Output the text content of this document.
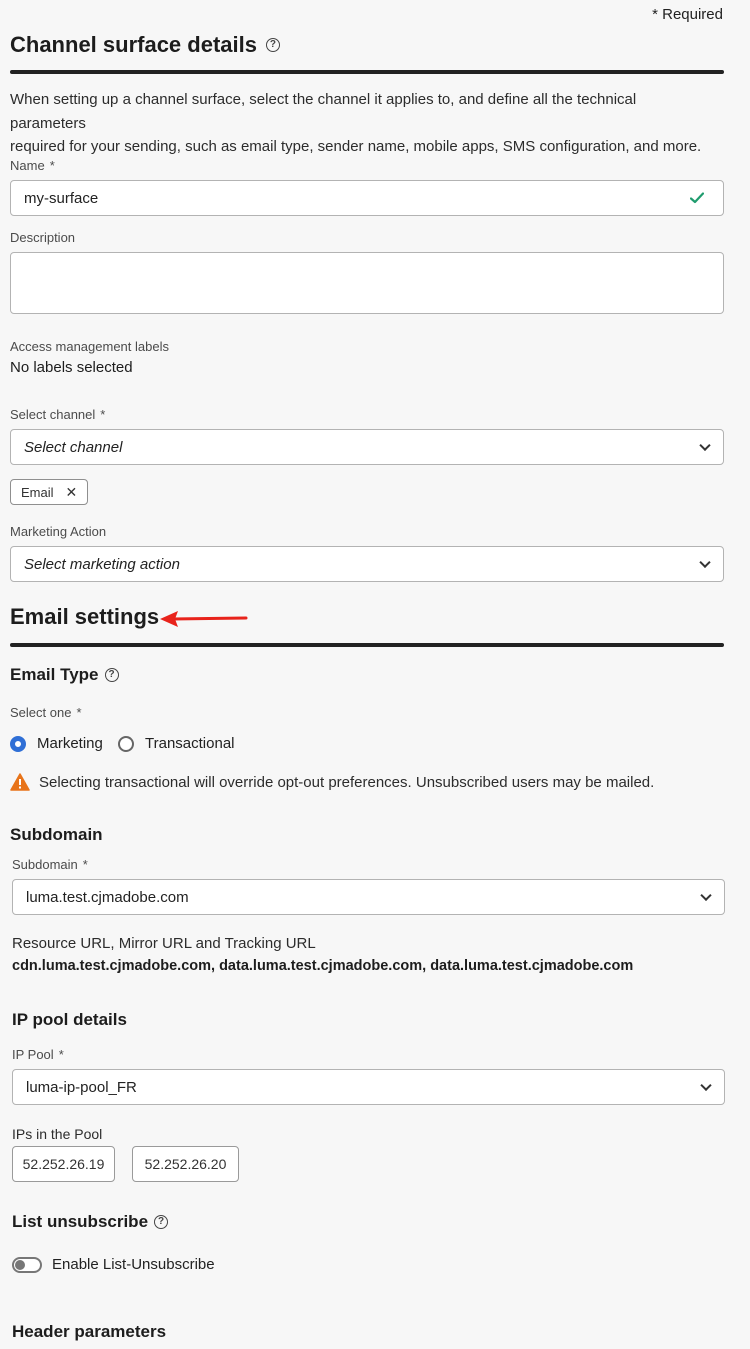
* Required
Channel surface details	?
When setting up a channel surface, select the channel it applies to, and define all the technical parameters
required for your sending, such as email type, sender name, mobile apps, SMS configuration, and more.
Name *
my-surface
Description
Access management labels
No labels selected
Select channel *
Select channel
Email ✕
Marketing Action
Select marketing action
Email settings
Email Type ?
Select one *
Marketing	Transactional
Selecting transactional will override opt-out preferences. Unsubscribed users may be mailed.
Subdomain
Subdomain *
luma.test.cjmadobe.com
Resource URL, Mirror URL and Tracking URL
cdn.luma.test.cjmadobe.com, data.luma.test.cjmadobe.com, data.luma.test.cjmadobe.com
IP pool details
IP Pool *
luma-ip-pool_FR
IPs in the Pool
52.252.26.19	52.252.26.20
List unsubscribe ?
Enable List-Unsubscribe
Header parameters
